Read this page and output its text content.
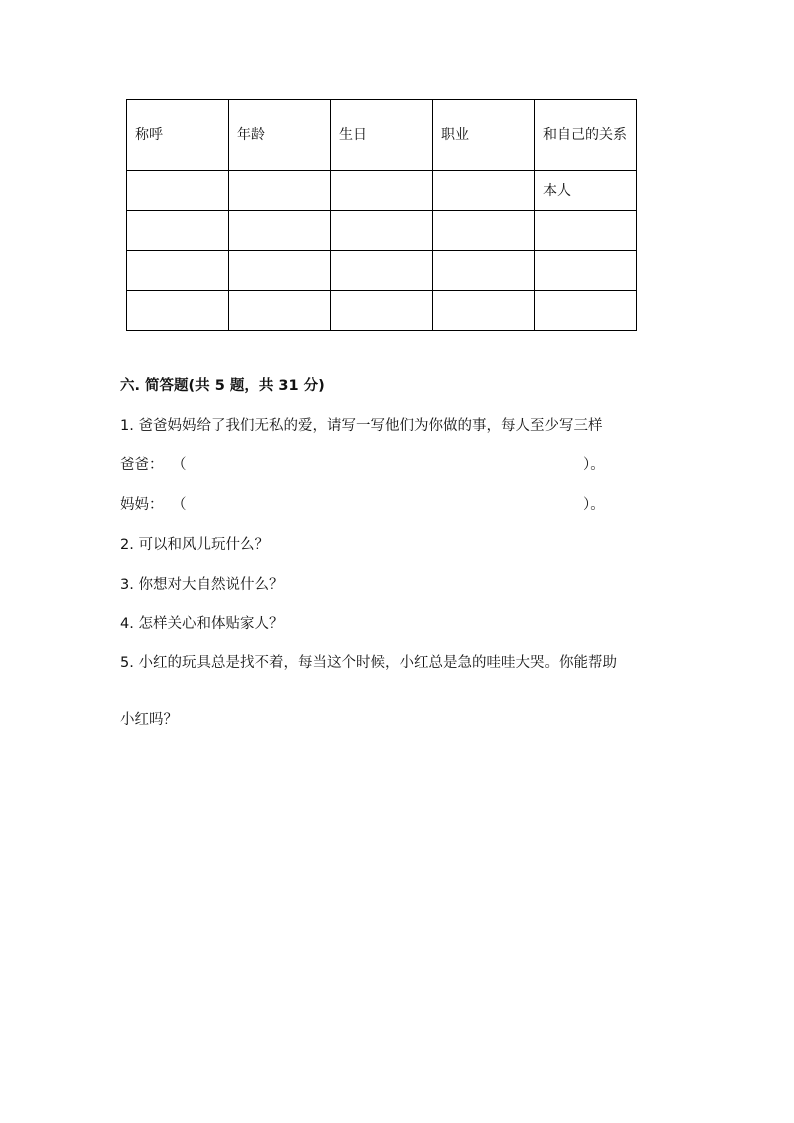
称呼	年龄	生日	职业	和自己的关系
				本人

六. 简答题(共 5 题，共 31 分)
1. 爸爸妈妈给了我们无私的爱，请写一写他们为你做的事，每人至少写三样
爸爸： （	）。
妈妈： （	）。
2. 可以和风儿玩什么？
3. 你想对大自然说什么？
4. 怎样关心和体贴家人？
5. 小红的玩具总是找不着，每当这个时候，小红总是急的哇哇大哭。你能帮助
小红吗？
